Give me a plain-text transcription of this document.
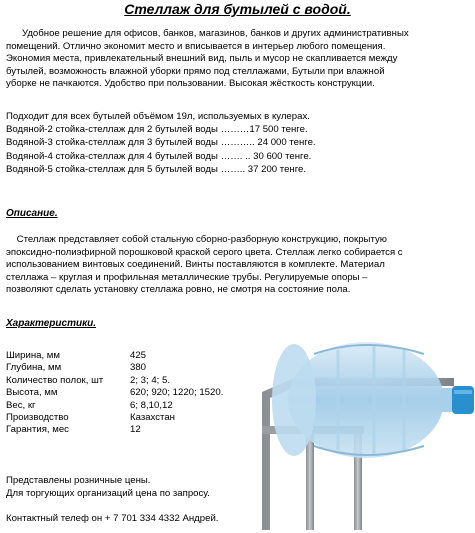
Стеллаж для бутылей с водой.
Удобное решение для офисов, банков, магазинов, банков и других административных
помещений. Отлично экономит место и вписывается в интерьер любого помещения.
Экономия места, привлекательный внешний вид, пыль и мусор не скапливается между
бутылей, возможность влажной уборки прямо под стеллажами, Бутыли при влажной
уборке не пачкаются. Удобство при пользовании. Высокая жёсткость конструкции.
Подходит для всех бутылей объёмом 19л, используемых в кулерах.
Водяной-2 стойка-стеллаж для 2 бутылей воды ………17 500 тенге.
Водяной-3 стойка-стеллаж для 3 бутылей воды ……….. 24 000 тенге.
Водяной-4 стойка-стеллаж для 4 бутылей воды ……. .. 30 600 тенге.
Водяной-5 стойка-стеллаж для 5 бутылей воды …….. 37 200 тенге.
Описание.
Стеллаж представляет собой стальную сборно-разборную конструкцию, покрытую
эпоксидно-полиэфирной порошковой краской серого цвета. Стеллаж легко собирается с
использованием винтовых соединений. Винты поставляются в комплекте. Материал
стеллажа – круглая и профильная металлические трубы. Регулируемые опоры –
позволяют сделать установку стеллажа ровно, не смотря на состояние пола.
Характеристики.
Ширина, мм	425
Глубина, мм	380
Количество полок, шт	2; 3; 4; 5.
Высота, мм	620; 920; 1220; 1520.
Вес, кг	6; 8,10,12
Производство	Казахстан
Гарантия, мес	12
Представлены розничные цены.
Для торгующих организаций цена по запросу.
Контактный телеф он + 7 701 334 4332 Андрей.
